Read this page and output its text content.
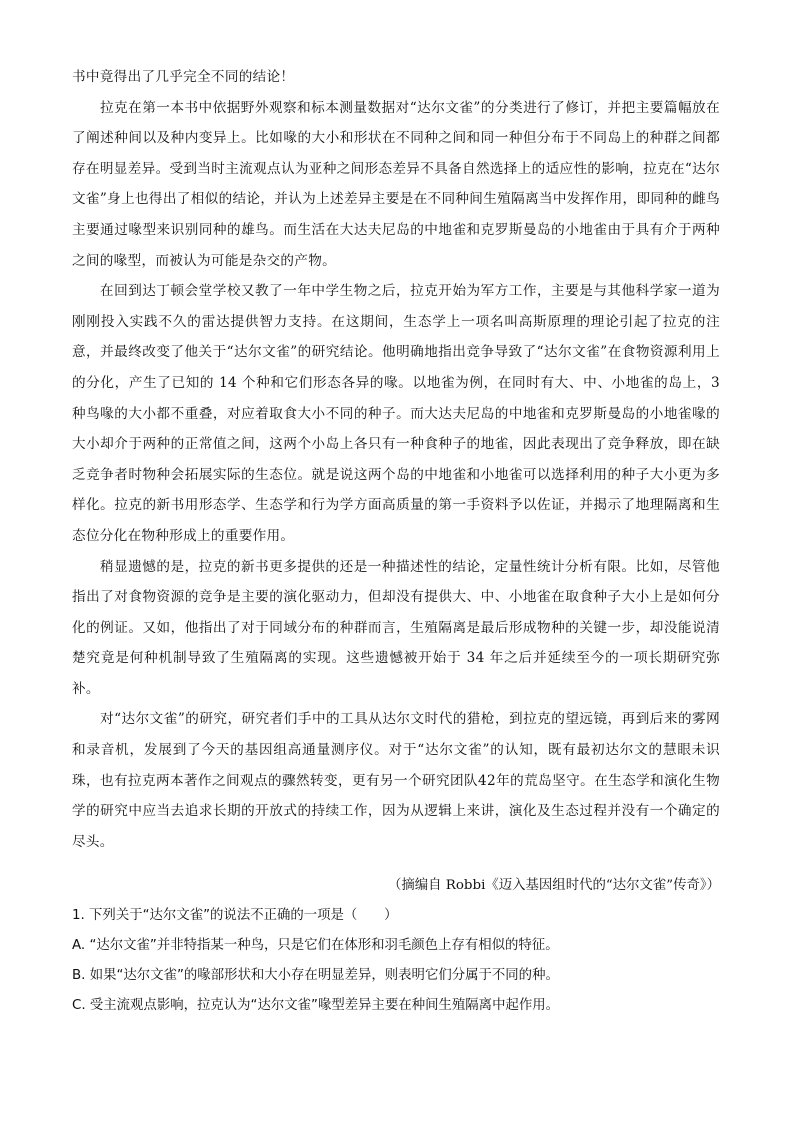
书中竟得出了几乎完全不同的结论！

拉克在第一本书中依据野外观察和标本测量数据对“达尔文雀”的分类进行了修订，并把主要篇幅放在了阐述种间以及种内变异上。比如喙的大小和形状在不同种之间和同一种但分布于不同岛上的种群之间都存在明显差异。受到当时主流观点认为亚种之间形态差异不具备自然选择上的适应性的影响，拉克在“达尔文雀”身上也得出了相似的结论，并认为上述差异主要是在不同种间生殖隔离当中发挥作用，即同种的雌鸟主要通过喙型来识别同种的雄鸟。而生活在大达夫尼岛的中地雀和克罗斯曼岛的小地雀由于具有介于两种之间的喙型，而被认为可能是杂交的产物。

在回到达丁顿会堂学校又教了一年中学生物之后，拉克开始为军方工作，主要是与其他科学家一道为刚刚投入实践不久的雷达提供智力支持。在这期间，生态学上一项名叫高斯原理的理论引起了拉克的注意，并最终改变了他关于“达尔文雀”的研究结论。他明确地指出竞争导致了“达尔文雀”在食物资源利用上的分化，产生了已知的 14 个种和它们形态各异的喙。以地雀为例，在同时有大、中、小地雀的岛上，3 种鸟喙的大小都不重叠，对应着取食大小不同的种子。而大达夫尼岛的中地雀和克罗斯曼岛的小地雀喙的大小却介于两种的正常值之间，这两个小岛上各只有一种食种子的地雀，因此表现出了竞争释放，即在缺乏竞争者时物种会拓展实际的生态位。就是说这两个岛的中地雀和小地雀可以选择利用的种子大小更为多样化。拉克的新书用形态学、生态学和行为学方面高质量的第一手资料予以佐证，并揭示了地理隔离和生态位分化在物种形成上的重要作用。

稍显遗憾的是，拉克的新书更多提供的还是一种描述性的结论，定量性统计分析有限。比如，尽管他指出了对食物资源的竞争是主要的演化驱动力，但却没有提供大、中、小地雀在取食种子大小上是如何分化的例证。又如，他指出了对于同域分布的种群而言，生殖隔离是最后形成物种的关键一步，却没能说清楚究竟是何种机制导致了生殖隔离的实现。这些遗憾被开始于 34 年之后并延续至今的一项长期研究弥补。

对“达尔文雀”的研究，研究者们手中的工具从达尔文时代的猎枪，到拉克的望远镜，再到后来的雾网和录音机，发展到了今天的基因组高通量测序仪。对于“达尔文雀”的认知，既有最初达尔文的慧眼未识珠，也有拉克两本著作之间观点的骤然转变，更有另一个研究团队42年的荒岛坚守。在生态学和演化生物学的研究中应当去追求长期的开放式的持续工作，因为从逻辑上来讲，演化及生态过程并没有一个确定的尽头。

（摘编自 Robbi《迈入基因组时代的“达尔文雀”传奇》）
1. 下列关于“达尔文雀”的说法不正确的一项是（　　）
A. “达尔文雀”并非特指某一种鸟，只是它们在体形和羽毛颜色上存有相似的特征。
B. 如果“达尔文雀”的喙部形状和大小存在明显差异，则表明它们分属于不同的种。
C. 受主流观点影响，拉克认为“达尔文雀”喙型差异主要在种间生殖隔离中起作用。
